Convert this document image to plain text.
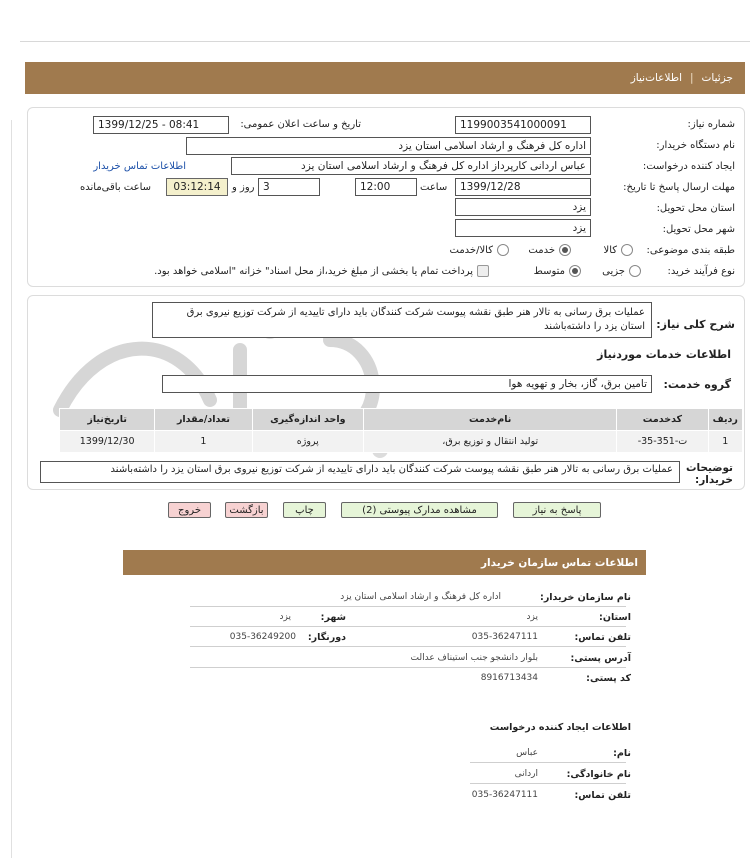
جزئیات
|
اطلاعات‌نیاز
شماره نیاز:
1199003541000091
تاریخ و ساعت اعلان عمومی:
1399/12/25 - 08:41
نام دستگاه خریدار:
اداره کل فرهنگ و ارشاد اسلامی استان یزد
ایجاد کننده درخواست:
عباس اردانی کارپرداز اداره کل فرهنگ و ارشاد اسلامی استان یزد
اطلاعات تماس خریدار
مهلت ارسال پاسخ تا تاریخ:
1399/12/28
ساعت
12:00
3
روز و
03:12:14
ساعت باقی‌مانده
استان محل تحویل:
یزد
شهر محل تحویل:
یزد
طبقه بندی موضوعی:
کالا
خدمت
کالا/خدمت
نوع فرآیند خرید:
جزیی
متوسط
پرداخت تمام یا بخشی از مبلغ خرید،از محل اسناد" خزانه "اسلامی خواهد بود.
شرح کلی نیاز:
عملیات برق رسانی به تالار هنر طبق نقشه پیوست شرکت کنندگان باید دارای تاییدیه از شرکت توزیع نیروی برق استان یزد را داشته‌باشند
اطلاعات خدمات موردنیاز
گروه خدمت:
تامین برق، گاز، بخار و تهویه هوا
ردیف	کدخدمت	نام‌خدمت	واحد اندازه‌گیری	تعداد/مقدار	تاریخ‌نیاز
1	ت-351-35-	تولید انتقال و توزیع برق،	پروژه	1	1399/12/30
توضیحات خریدار:
عملیات برق رسانی به تالار هنر طبق نقشه پیوست شرکت کنندگان باید دارای تاییدیه از شرکت توزیع نیروی برق استان یزد را داشته‌باشند
پاسخ به نیاز
مشاهده مدارک پیوستی (2)
چاپ
بازگشت
خروج
اطلاعات تماس سازمان خریدار
نام سازمان خریدار:
اداره کل فرهنگ و ارشاد اسلامی استان یزد
استان:
یزد
شهر:
یزد
تلفن تماس:
035-36247111
دورنگار:
035-36249200
آدرس پستی:
بلوار دانشجو جنب استیناف عدالت
کد پستی:
8916713434
اطلاعات ایجاد کننده درخواست
نام:
عباس
نام خانوادگی:
اردانی
تلفن تماس:
035-36247111
